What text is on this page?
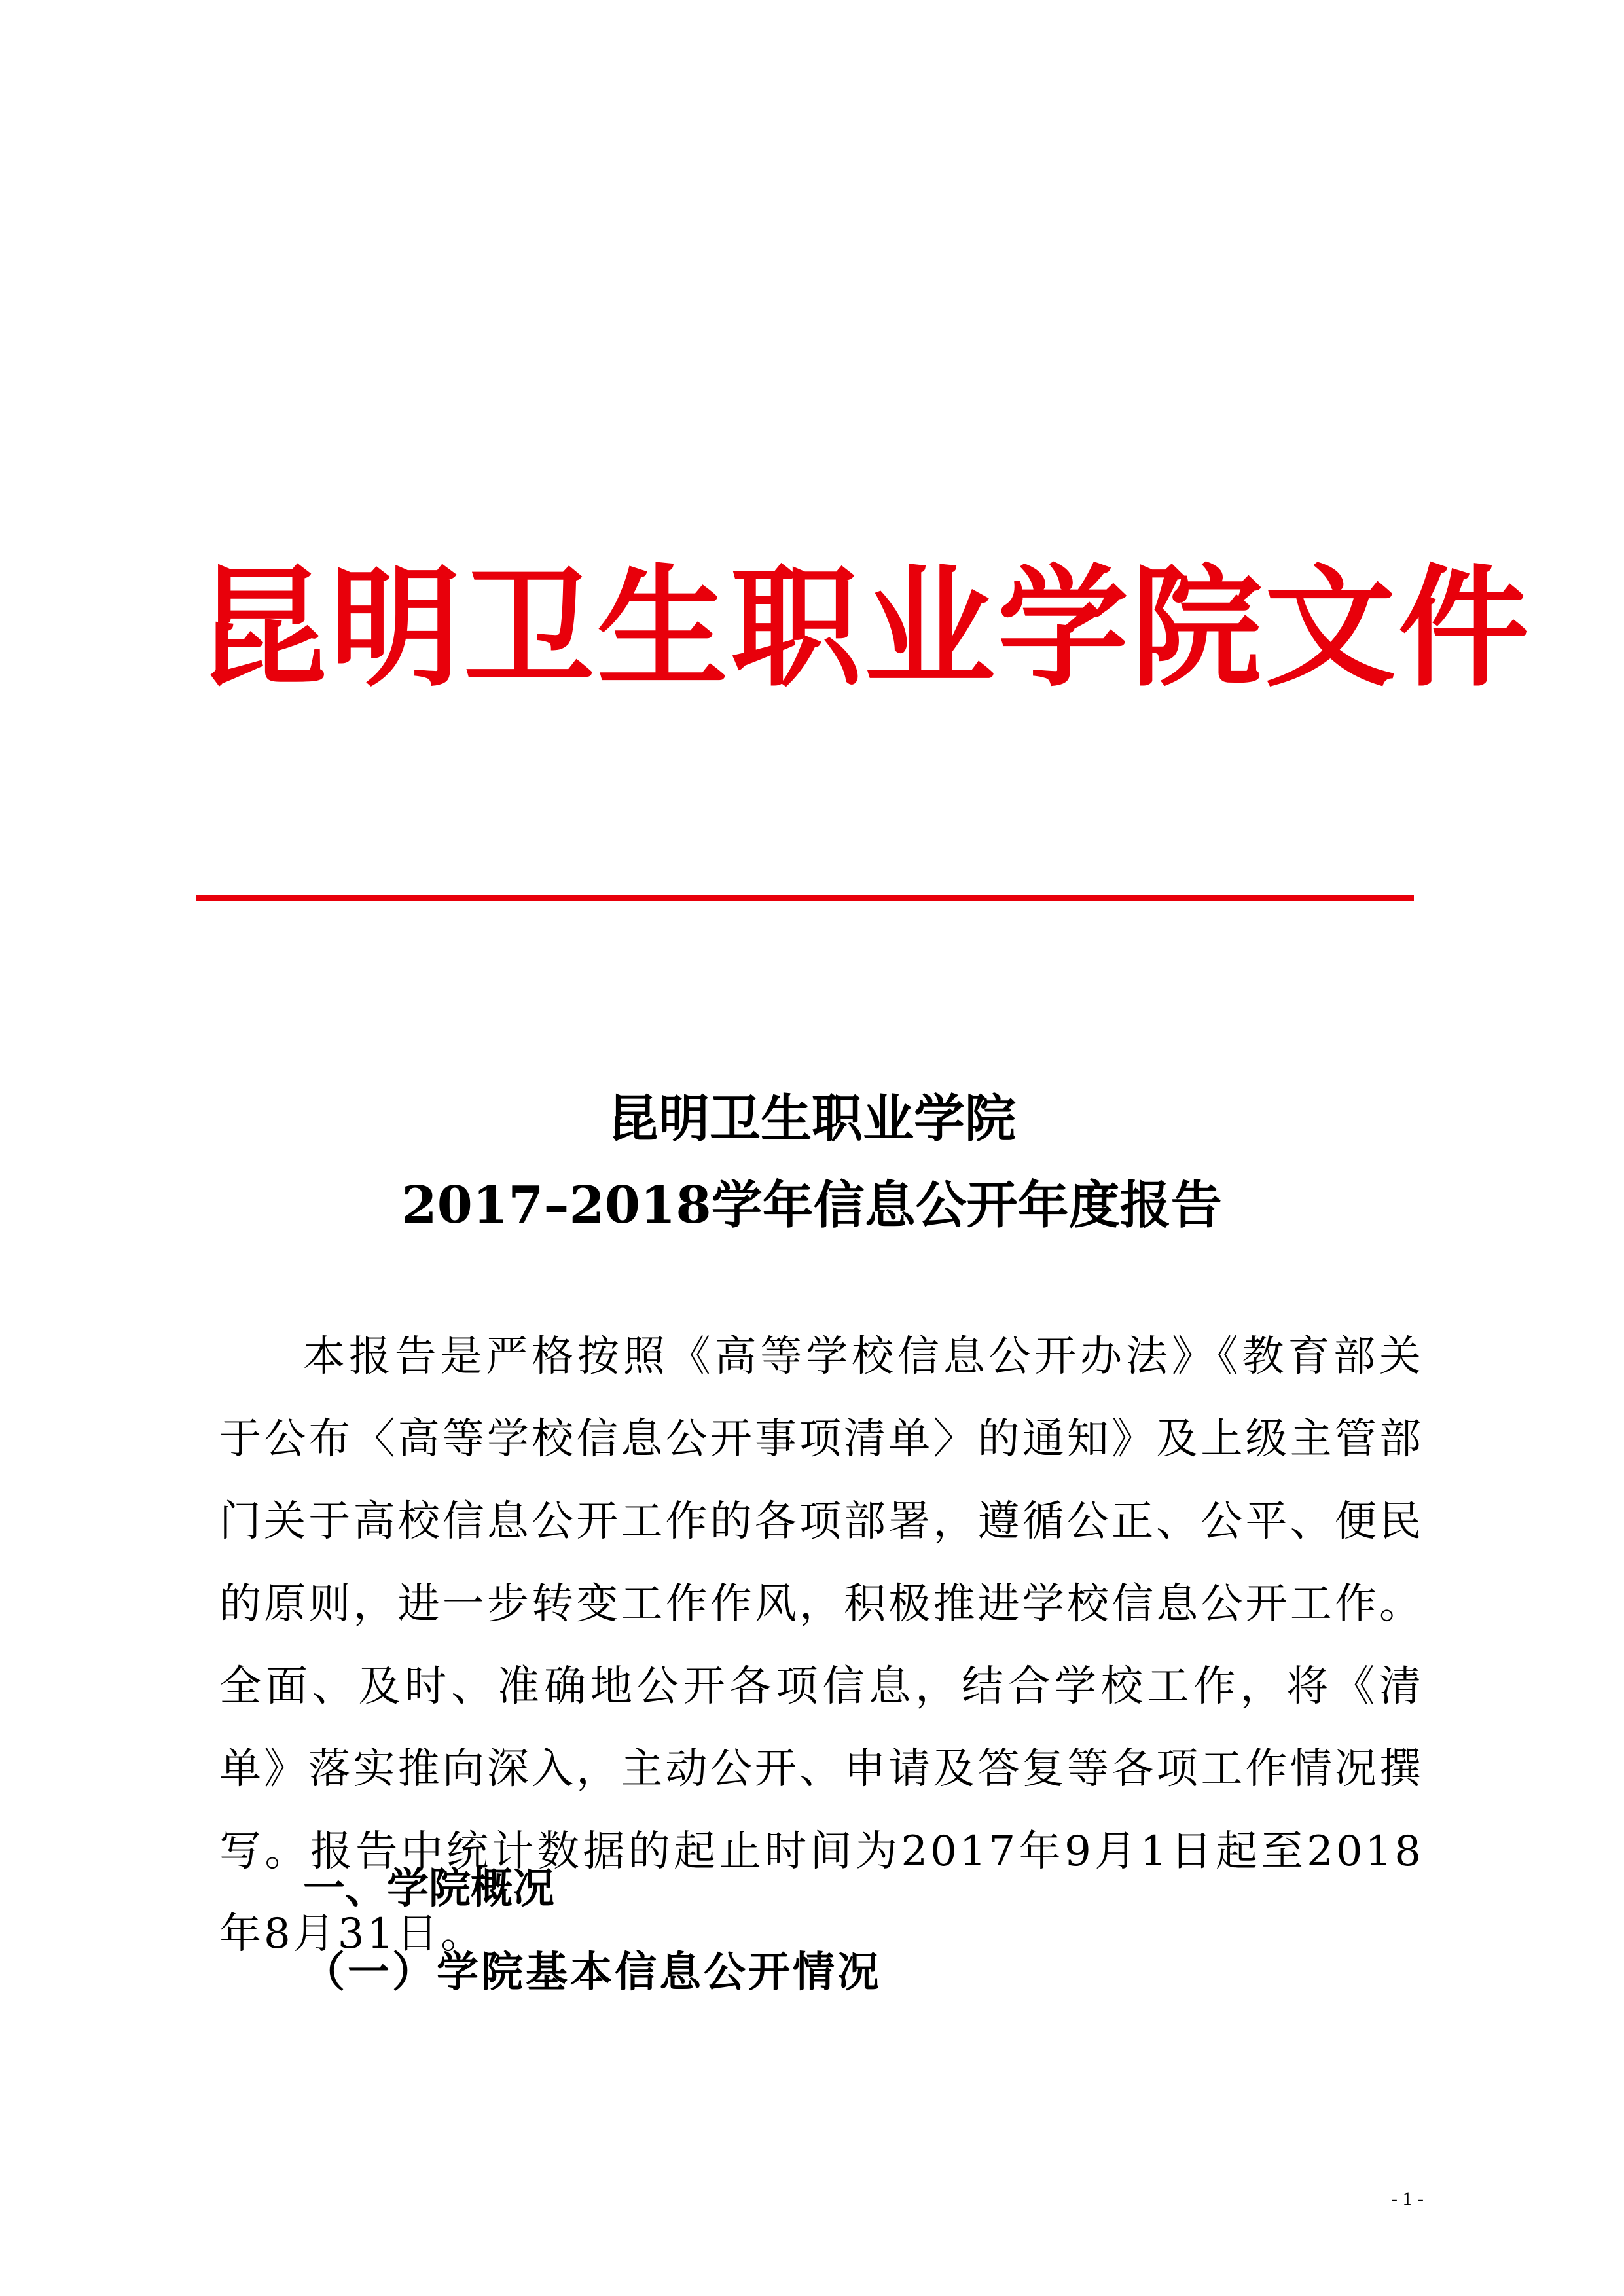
昆明卫生职业学院文件
昆明卫生职业学院
2017–2018学年信息公开年度报告
本报告是严格按照《高等学校信息公开办法》《教育部关于公布〈高等学校信息公开事项清单〉的通知》及上级主管部门关于高校信息公开工作的各项部署，遵循公正、公平、便民的原则，进一步转变工作作风，积极推进学校信息公开工作。全面、及时、准确地公开各项信息，结合学校工作，将《清单》落实推向深入，主动公开、申请及答复等各项工作情况撰写。报告中统计数据的起止时间为2017年9月1日起至2018年8月31日。
一、学院概况
（一）学院基本信息公开情况
- 1 -
